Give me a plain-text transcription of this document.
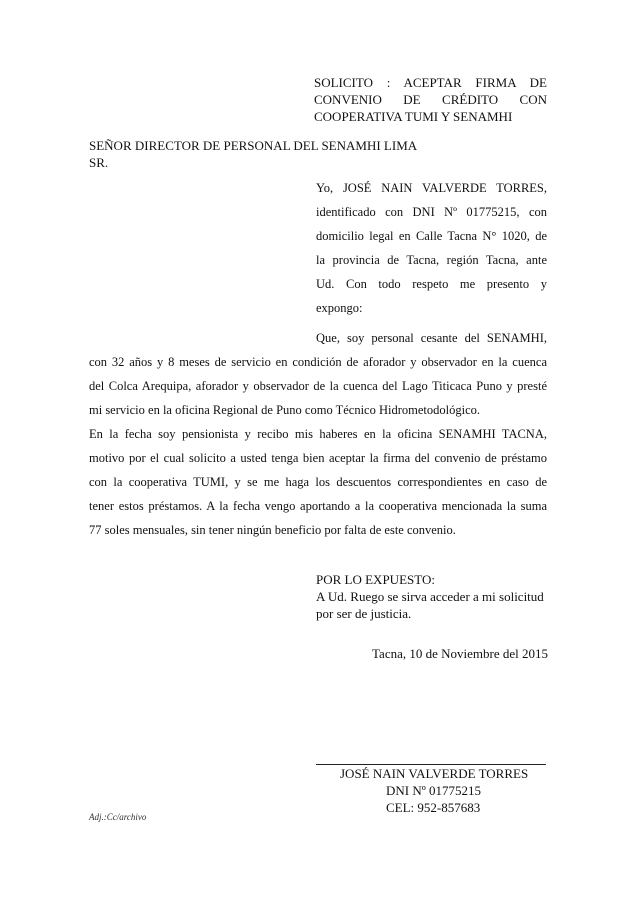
SOLICITO : ACEPTAR FIRMA DE
CONVENIO DE CRÉDITO CON
COOPERATIVA TUMI Y SENAMHI
SEÑOR DIRECTOR DE PERSONAL DEL SENAMHI LIMA
SR.
Yo, JOSÉ NAIN VALVERDE TORRES,
identificado con DNI Nº 01775215, con
domicilio legal en Calle Tacna N° 1020, de
la provincia de Tacna, región Tacna, ante
Ud. Con todo respeto me presento y
expongo:
Que, soy personal cesante del SENAMHI,
con 32 años y 8 meses de servicio en condición de aforador y observador en la cuenca
del Colca Arequipa, aforador y observador de la cuenca del Lago Titicaca Puno y presté
mi servicio en la oficina Regional de Puno como Técnico Hidrometodológico.
En la fecha soy pensionista y recibo mis haberes en la oficina SENAMHI TACNA,
motivo por el cual solicito a usted tenga bien aceptar la firma del convenio de préstamo
con la cooperativa TUMI, y se me haga los descuentos correspondientes en caso de
tener estos préstamos. A la fecha vengo aportando a la cooperativa mencionada la suma
77 soles mensuales, sin tener ningún beneficio por falta de este convenio.
POR LO EXPUESTO:
A Ud. Ruego se sirva acceder a mi solicitud
por ser de justicia.
Tacna, 10 de Noviembre del 2015
JOSÉ NAIN VALVERDE TORRES
DNI Nº 01775215
CEL: 952-857683
Adj.:Cc/archivo
